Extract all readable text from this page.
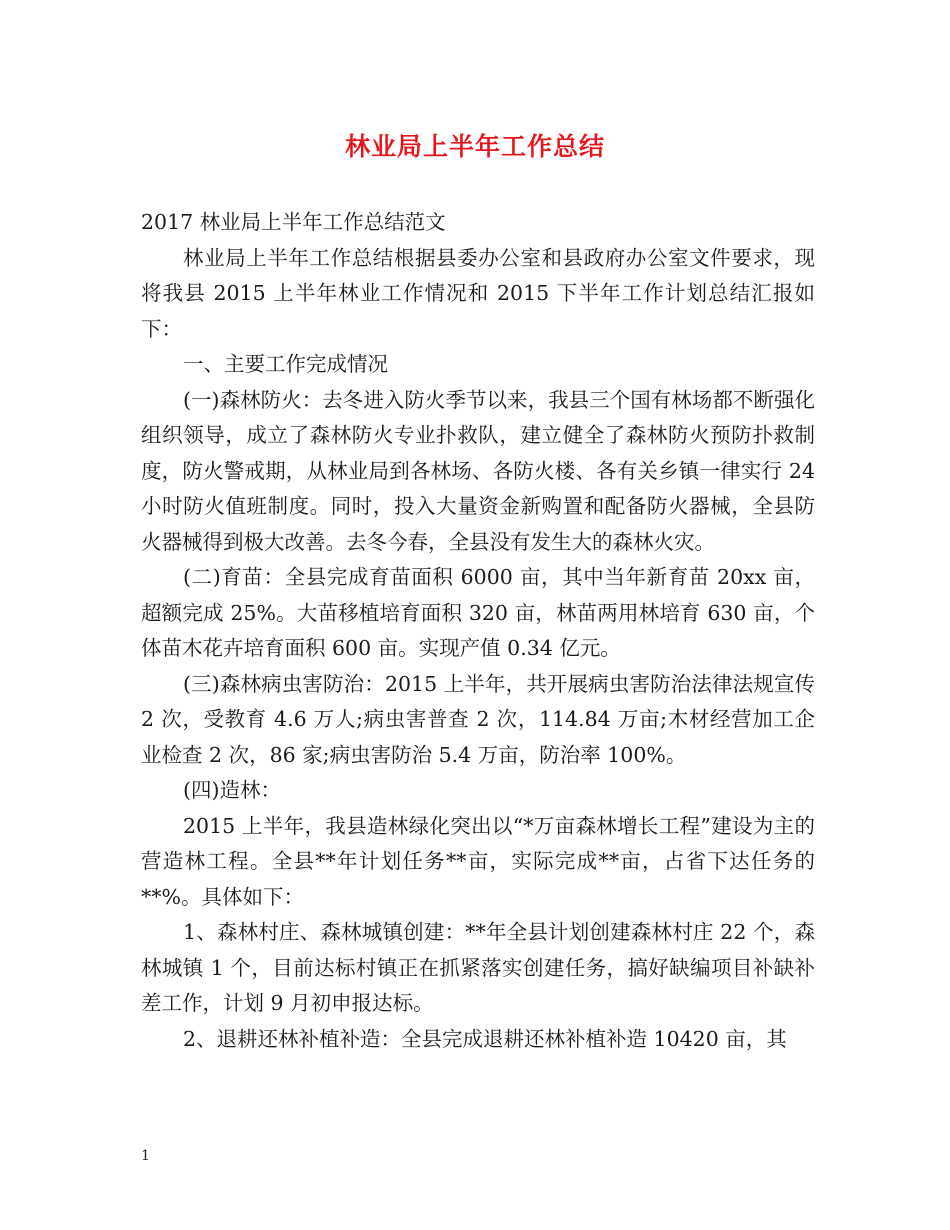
林业局上半年工作总结

2017 林业局上半年工作总结范文

林业局上半年工作总结根据县委办公室和县政府办公室文件要求，现将我县 2015 上半年林业工作情况和 2015 下半年工作计划总结汇报如下：

一、主要工作完成情况

(一)森林防火：去冬进入防火季节以来，我县三个国有林场都不断强化组织领导，成立了森林防火专业扑救队，建立健全了森林防火预防扑救制度，防火警戒期，从林业局到各林场、各防火楼、各有关乡镇一律实行 24 小时防火值班制度。同时，投入大量资金新购置和配备防火器械，全县防火器械得到极大改善。去冬今春，全县没有发生大的森林火灾。

(二)育苗：全县完成育苗面积 6000 亩，其中当年新育苗 20xx 亩，超额完成 25%。大苗移植培育面积 320 亩，林苗两用林培育 630 亩，个体苗木花卉培育面积 600 亩。实现产值 0.34 亿元。

(三)森林病虫害防治：2015 上半年，共开展病虫害防治法律法规宣传 2 次，受教育 4.6 万人;病虫害普查 2 次，114.84 万亩;木材经营加工企业检查 2 次，86 家;病虫害防治 5.4 万亩，防治率 100%。

(四)造林：

2015 上半年，我县造林绿化突出以“*万亩森林增长工程”建设为主的营造林工程。全县**年计划任务**亩，实际完成**亩，占省下达任务的**%。具体如下：

1、森林村庄、森林城镇创建：**年全县计划创建森林村庄 22 个，森林城镇 1 个，目前达标村镇正在抓紧落实创建任务，搞好缺编项目补缺补差工作，计划 9 月初申报达标。

2、退耕还林补植补造：全县完成退耕还林补植补造 10420 亩，其

1
